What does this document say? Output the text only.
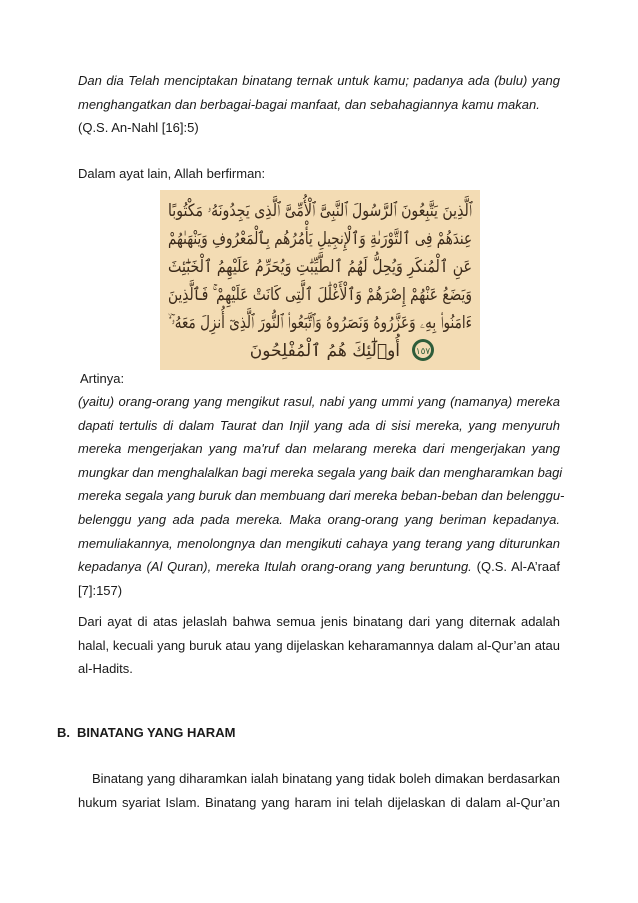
Dan dia Telah menciptakan binatang ternak untuk kamu; padanya ada (bulu) yang
menghangatkan dan berbagai-bagai manfaat, dan sebahagiannya kamu makan.
(Q.S. An-Nahl [16]:5)
Dalam ayat lain, Allah berfirman:
ٱلَّذِينَ يَتَّبِعُونَ ٱلرَّسُولَ ٱلنَّبِىَّ ٱلْأُمِّىَّ ٱلَّذِى يَجِدُونَهُۥ مَكْتُوبًا
عِندَهُمْ فِى ٱلتَّوْرَىٰةِ وَٱلْإِنجِيلِ يَأْمُرُهُم بِٱلْمَعْرُوفِ وَيَنْهَىٰهُمْ
عَنِ ٱلْمُنكَرِ وَيُحِلُّ لَهُمُ ٱلطَّيِّبَٰتِ وَيُحَرِّمُ عَلَيْهِمُ ٱلْخَبَٰٓئِثَ
وَيَضَعُ عَنْهُمْ إِصْرَهُمْ وَٱلْأَغْلَٰلَ ٱلَّتِى كَانَتْ عَلَيْهِمْ ۚ فَٱلَّذِينَ
ءَامَنُوا۟ بِهِۦ وَعَزَّرُوهُ وَنَصَرُوهُ وَٱتَّبَعُوا۟ ٱلنُّورَ ٱلَّذِىٓ أُنزِلَ مَعَهُۥٓ ۙ
أُو۟لَٰٓئِكَ هُمُ ٱلْمُفْلِحُونَ ١٥٧
Artinya:
(yaitu) orang-orang yang mengikut rasul, nabi yang ummi yang (namanya) mereka
dapati tertulis di dalam Taurat dan Injil yang ada di sisi mereka, yang menyuruh
mereka mengerjakan yang ma'ruf dan melarang mereka dari mengerjakan yang
mungkar dan menghalalkan bagi mereka segala yang baik dan mengharamkan bagi
mereka segala yang buruk dan membuang dari mereka beban-beban dan belenggu-
belenggu yang ada pada mereka. Maka orang-orang yang beriman kepadanya.
memuliakannya, menolongnya dan mengikuti cahaya yang terang yang diturunkan
kepadanya (Al Quran), mereka Itulah orang-orang yang beruntung. (Q.S. Al-A’raaf
[7]:157)
Dari ayat di atas jelaslah bahwa semua jenis binatang dari yang diternak adalah
halal, kecuali yang buruk atau yang dijelaskan keharamannya dalam al-Qur’an atau
al-Hadits.
B. BINATANG YANG HARAM
Binatang yang diharamkan ialah binatang yang tidak boleh dimakan berdasarkan
hukum syariat Islam. Binatang yang haram ini telah dijelaskan di dalam al-Qur’an
